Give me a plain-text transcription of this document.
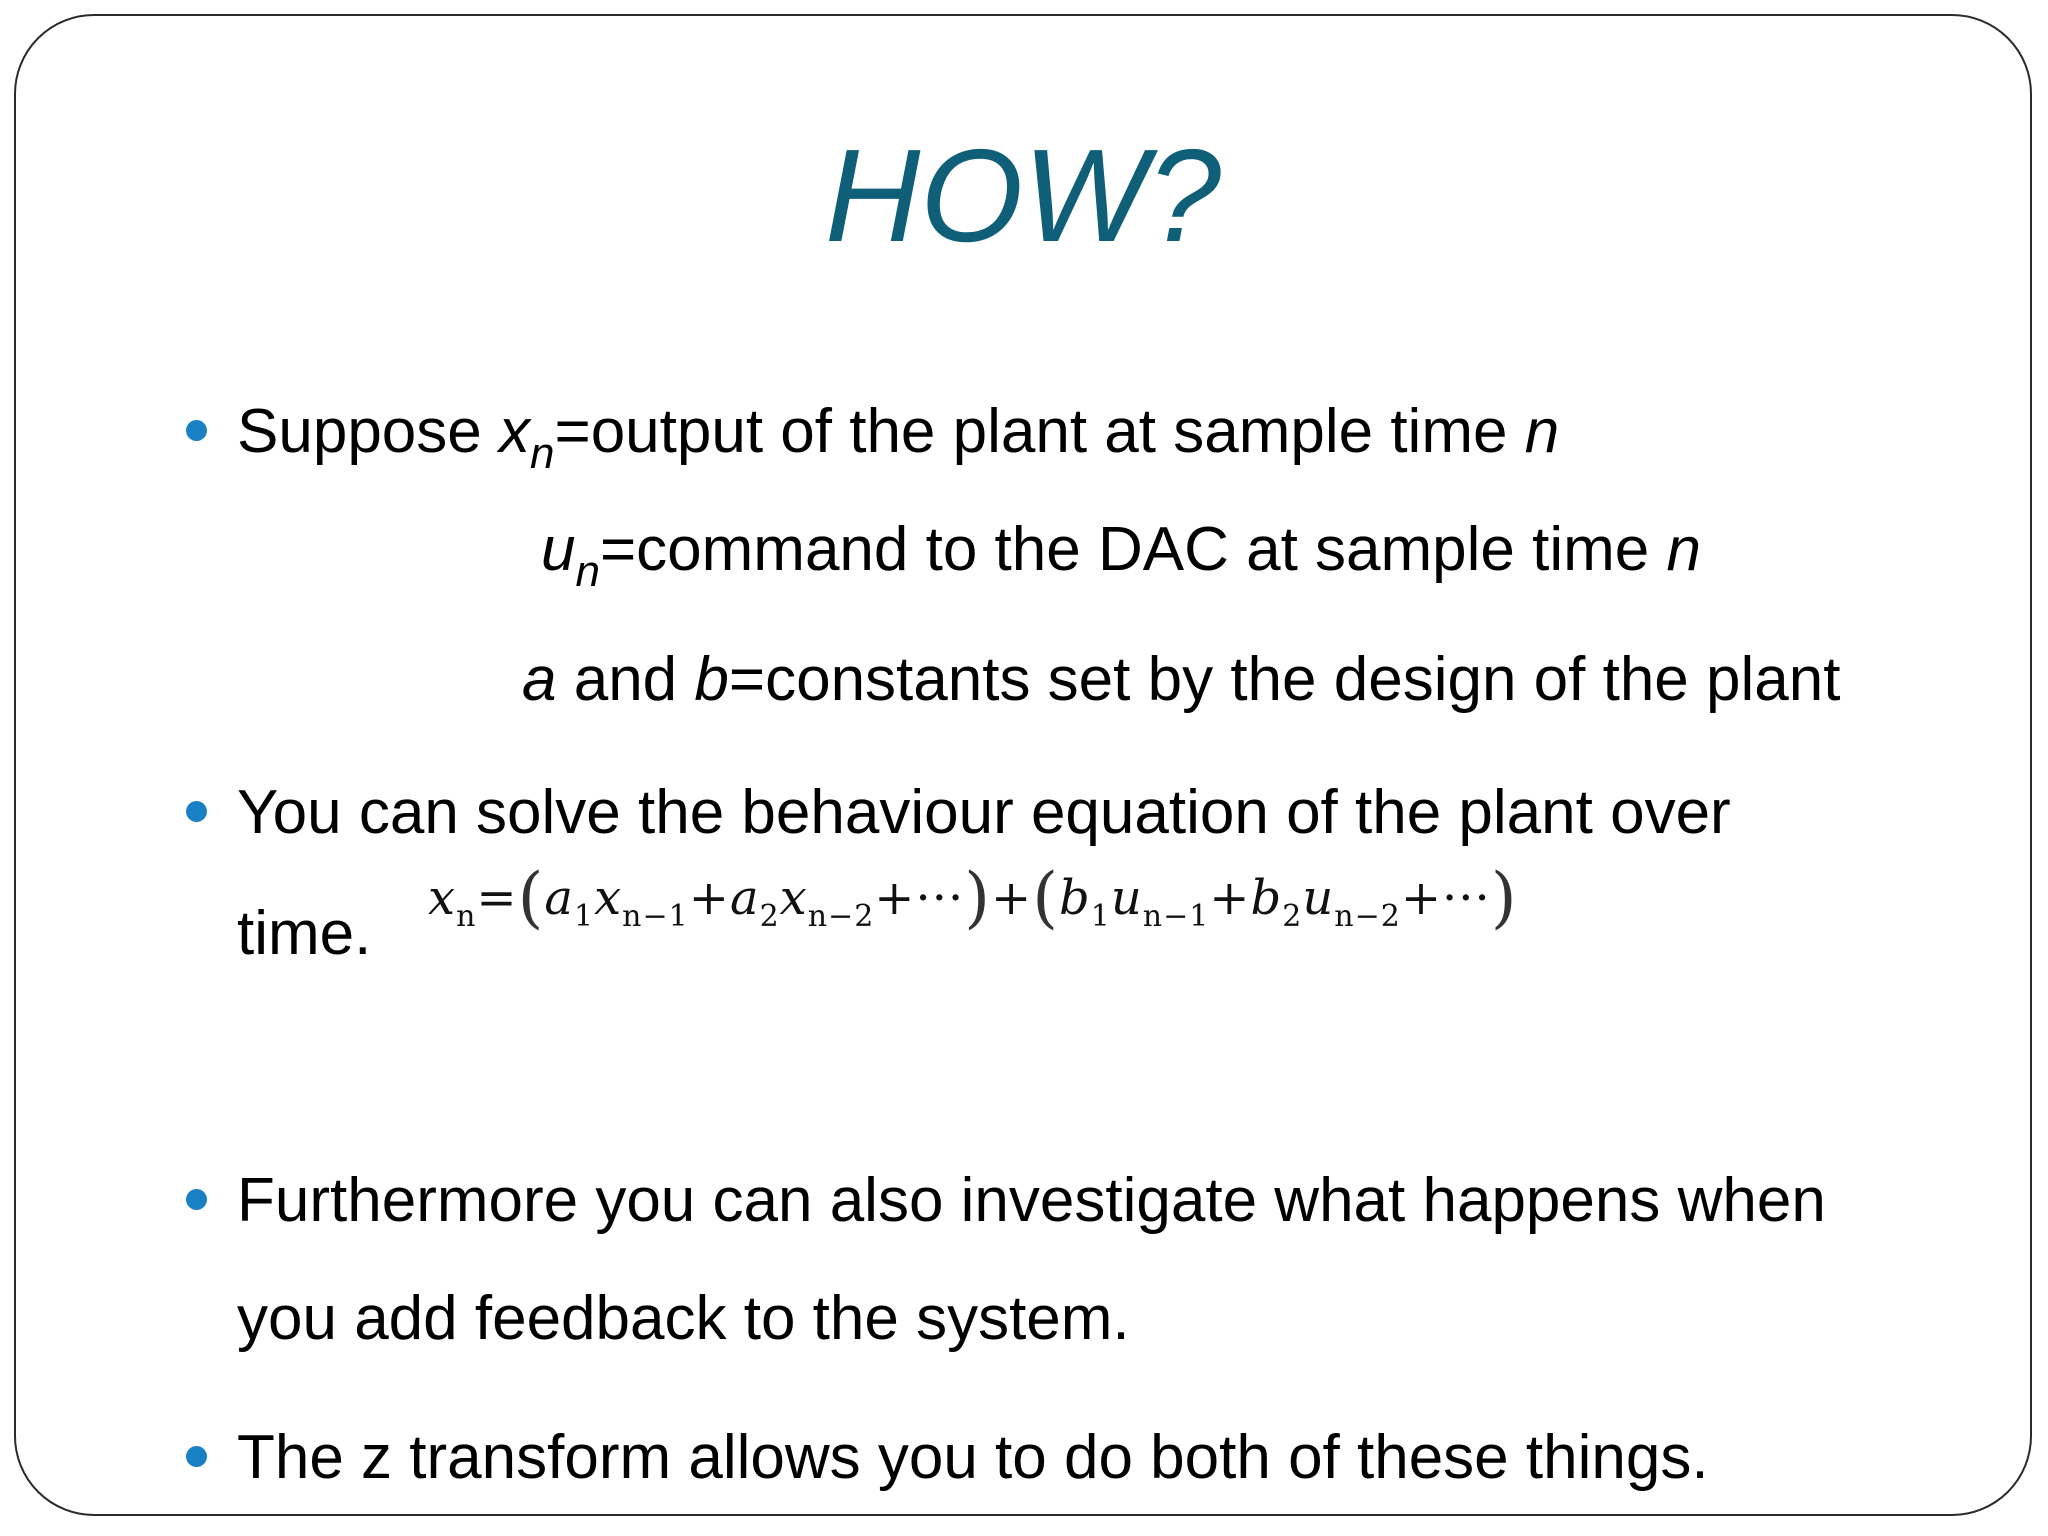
HOW?
Suppose $x_n=output$ of the plant at sample time n
$u_n=command$ to the DAC at sample time n
a and b=constants set by the design of the plant
You can solve the behaviour equation of the plant over
time.
$x_n=(a_1x_{n-1}+a_2x_{n-2}+\cdot\cdot\cdot)+(b_1u_{n-1}+b_2u_{n-2}+\cdot\cdot\cdot)$
Furthermore you can also investigate what happens when
you add feedback to the system.
The z transform allows you to do both of these things.
